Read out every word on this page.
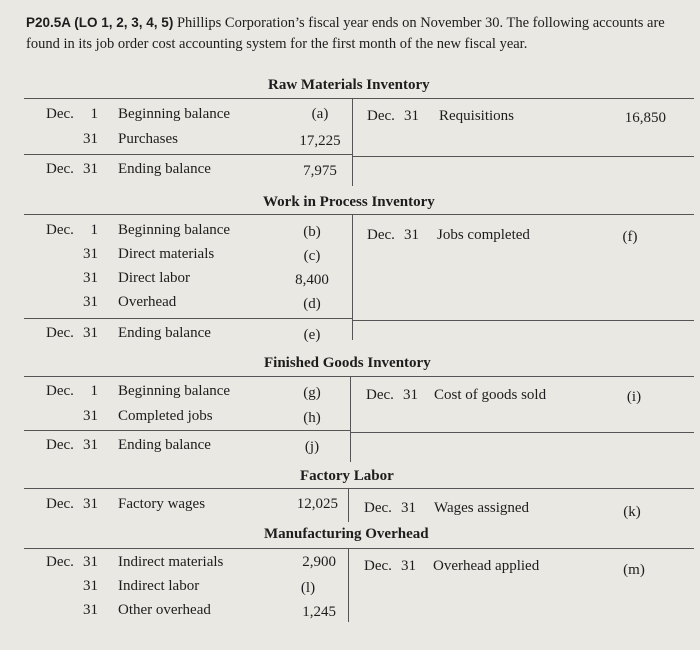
P20.5A (LO 1, 2, 3, 4, 5) Phillips Corporation’s fiscal year ends on November 30. The following accounts are found in its job order cost accounting system for the first month of the new fiscal year.
Raw Materials Inventory
Dec.	1 Beginning balance	(a)
31 Purchases	17,225
Dec. 31 Ending balance	7,975
Dec. 31 Requisitions	16,850
Work in Process Inventory
Dec.	1 Beginning balance	(b)
31 Direct materials	(c)
31 Direct labor	8,400
31 Overhead	(d)
Dec. 31 Ending balance	(e)
Dec. 31 Jobs completed	(f)
Finished Goods Inventory
Dec.	1 Beginning balance	(g)
31 Completed jobs	(h)
Dec. 31 Ending balance	(j)
Dec. 31 Cost of goods sold	(i)
Factory Labor
Dec. 31 Factory wages	12,025 Dec. 31 Wages assigned	(k)
Manufacturing Overhead
Dec. 31 Indirect materials	2,900
31 Indirect labor	(l)
31 Other overhead	1,245
Dec. 31 Overhead applied	(m)
